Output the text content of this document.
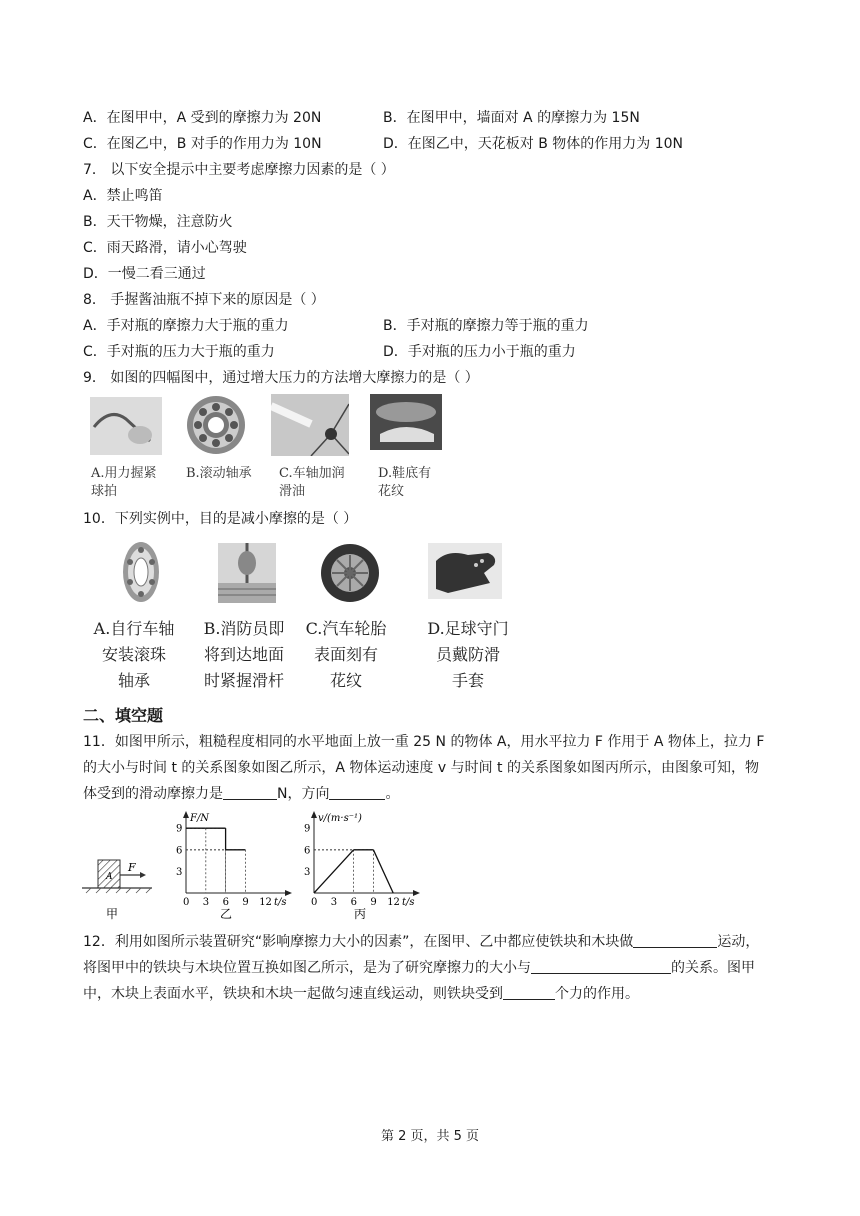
A．在图甲中，A 受到的摩擦力为 20N	B．在图甲中，墙面对 A 的摩擦力为 15N
C．在图乙中，B 对手的作用力为 10N	D．在图乙中，天花板对 B 物体的作用力为 10N
7． 以下安全提示中主要考虑摩擦力因素的是（ ）
A．禁止鸣笛
B．天干物燥，注意防火
C．雨天路滑，请小心驾驶
D．一慢二看三通过
8． 手握酱油瓶不掉下来的原因是（ ）
A．手对瓶的摩擦力大于瓶的重力	B．手对瓶的摩擦力等于瓶的重力
C．手对瓶的压力大于瓶的重力	D．手对瓶的压力小于瓶的重力
9． 如图的四幅图中，通过增大压力的方法增大摩擦力的是（ ）
A.用力握紧
球拍
B.滚动轴承 C.车轴加润
滑油
D.鞋底有
花纹
10．下列实例中，目的是减小摩擦的是（ ）
A.自行车轴
安装滚珠
轴承
B.消防员即
将到达地面
时紧握滑杆
C.汽车轮胎
表面刻有
花纹
D.足球守门
员戴防滑
手套
二、填空题
11．如图甲所示，粗糙程度相同的水平地面上放一重 25 N 的物体 A，用水平拉力 F 作用于 A 物体上，拉力 F
的大小与时间 t 的关系图象如图乙所示，A 物体运动速度 v 与时间 t 的关系图象如图丙所示，由图象可知，物
体受到的滑动摩擦力是	N，方向	。
A
F
甲
F/N
t/s
9
6
3
0 3 6 9 12
乙
v/(m·s⁻¹)
t/s
9
6
3
0 3 6 9 12
丙
12．利用如图所示装置研究“影响摩擦力大小的因素”，在图甲、乙中都应使铁块和木块做	运动，
将图甲中的铁块与木块位置互换如图乙所示，是为了研究摩擦力的大小与	的关系。图甲
中，木块上表面水平，铁块和木块一起做匀速直线运动，则铁块受到	个力的作用。
第 2 页，共 5 页
